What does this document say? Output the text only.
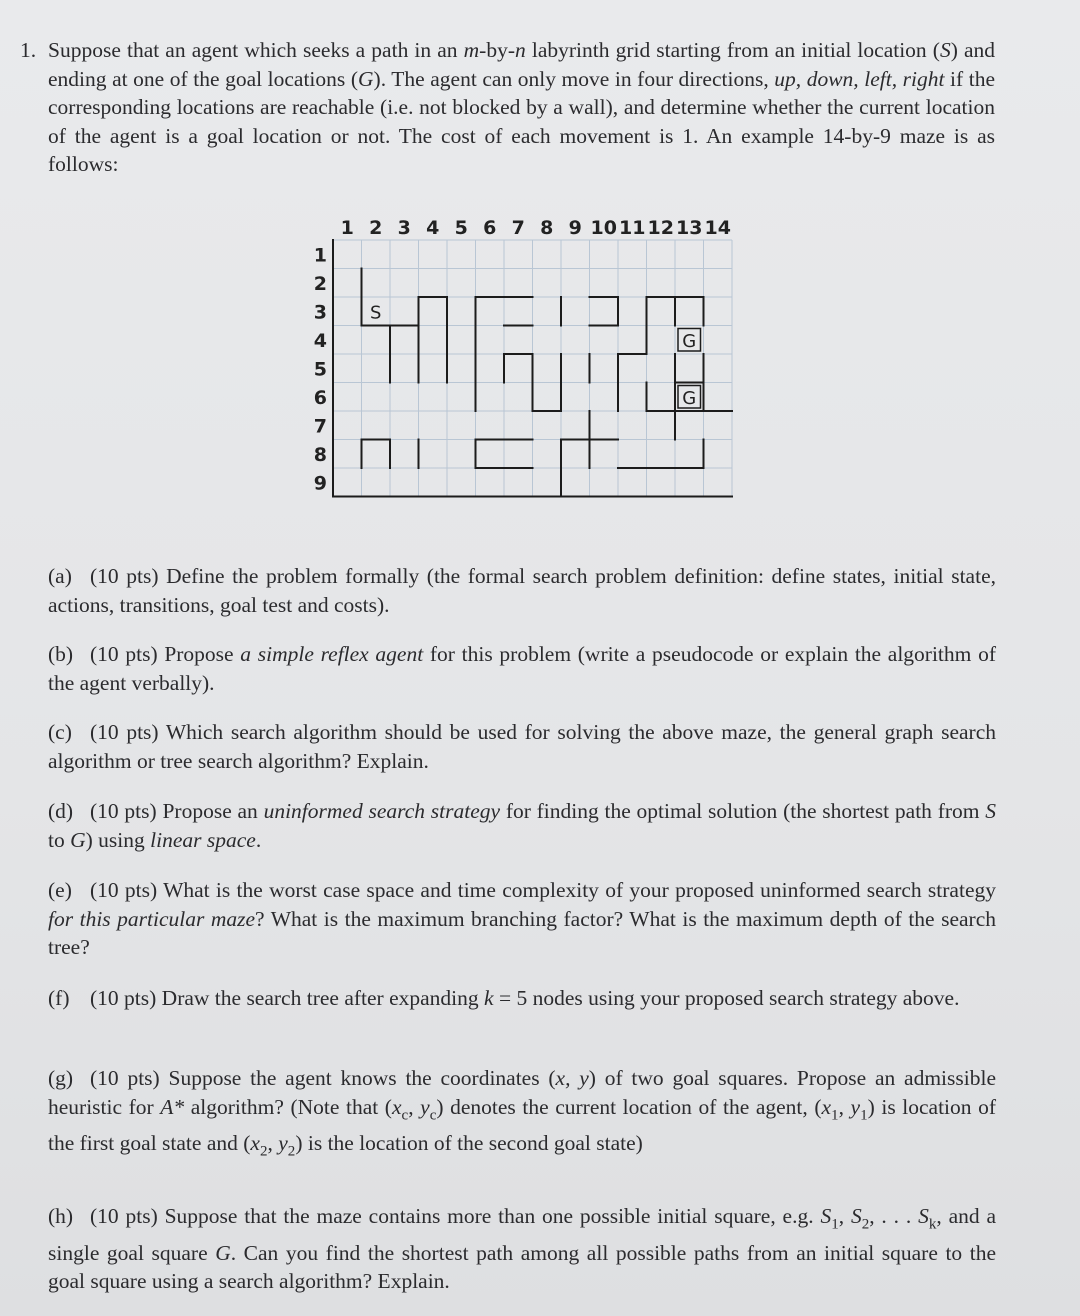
1. Suppose that an agent which seeks a path in an m-by-n labyrinth grid starting from an initial location (S) and ending at one of the goal locations (G). The agent can only move in four directions, up, down, left, right if the corresponding locations are reachable (i.e. not blocked by a wall), and determine whether the current location of the agent is a goal location or not. The cost of each movement is 1. An example 14-by-9 maze is as follows:
1 2 3 4 5 6 7 8 9 10 11 12 13 14
1
2
3
4
5
6
7
8
9
S
G
G
(a) (10 pts) Define the problem formally (the formal search problem definition: define states, initial state, actions, transitions, goal test and costs).
(b) (10 pts) Propose a simple reflex agent for this problem (write a pseudocode or explain the algorithm of the agent verbally).
(c) (10 pts) Which search algorithm should be used for solving the above maze, the general graph search algorithm or tree search algorithm? Explain.
(d) (10 pts) Propose an uninformed search strategy for finding the optimal solution (the shortest path from S to G) using linear space.
(e) (10 pts) What is the worst case space and time complexity of your proposed uninformed search strategy for this particular maze? What is the maximum branching factor? What is the maximum depth of the search tree?
(f) (10 pts) Draw the search tree after expanding k = 5 nodes using your proposed search strategy above.
(g) (10 pts) Suppose the agent knows the coordinates (x, y) of two goal squares. Propose an admissible heuristic for A* algorithm? (Note that ($x_c$, $y_c$) denotes the current location of the agent, ($x_1$, $y_1$) is location of the first goal state and ($x_2$, $y_2$) is the location of the second goal state)
(h) (10 pts) Suppose that the maze contains more than one possible initial square, e.g. $S_1$, $S_2$, . . . $S_k$, and a single goal square G. Can you find the shortest path among all possible paths from an initial square to the goal square using a search algorithm? Explain.
